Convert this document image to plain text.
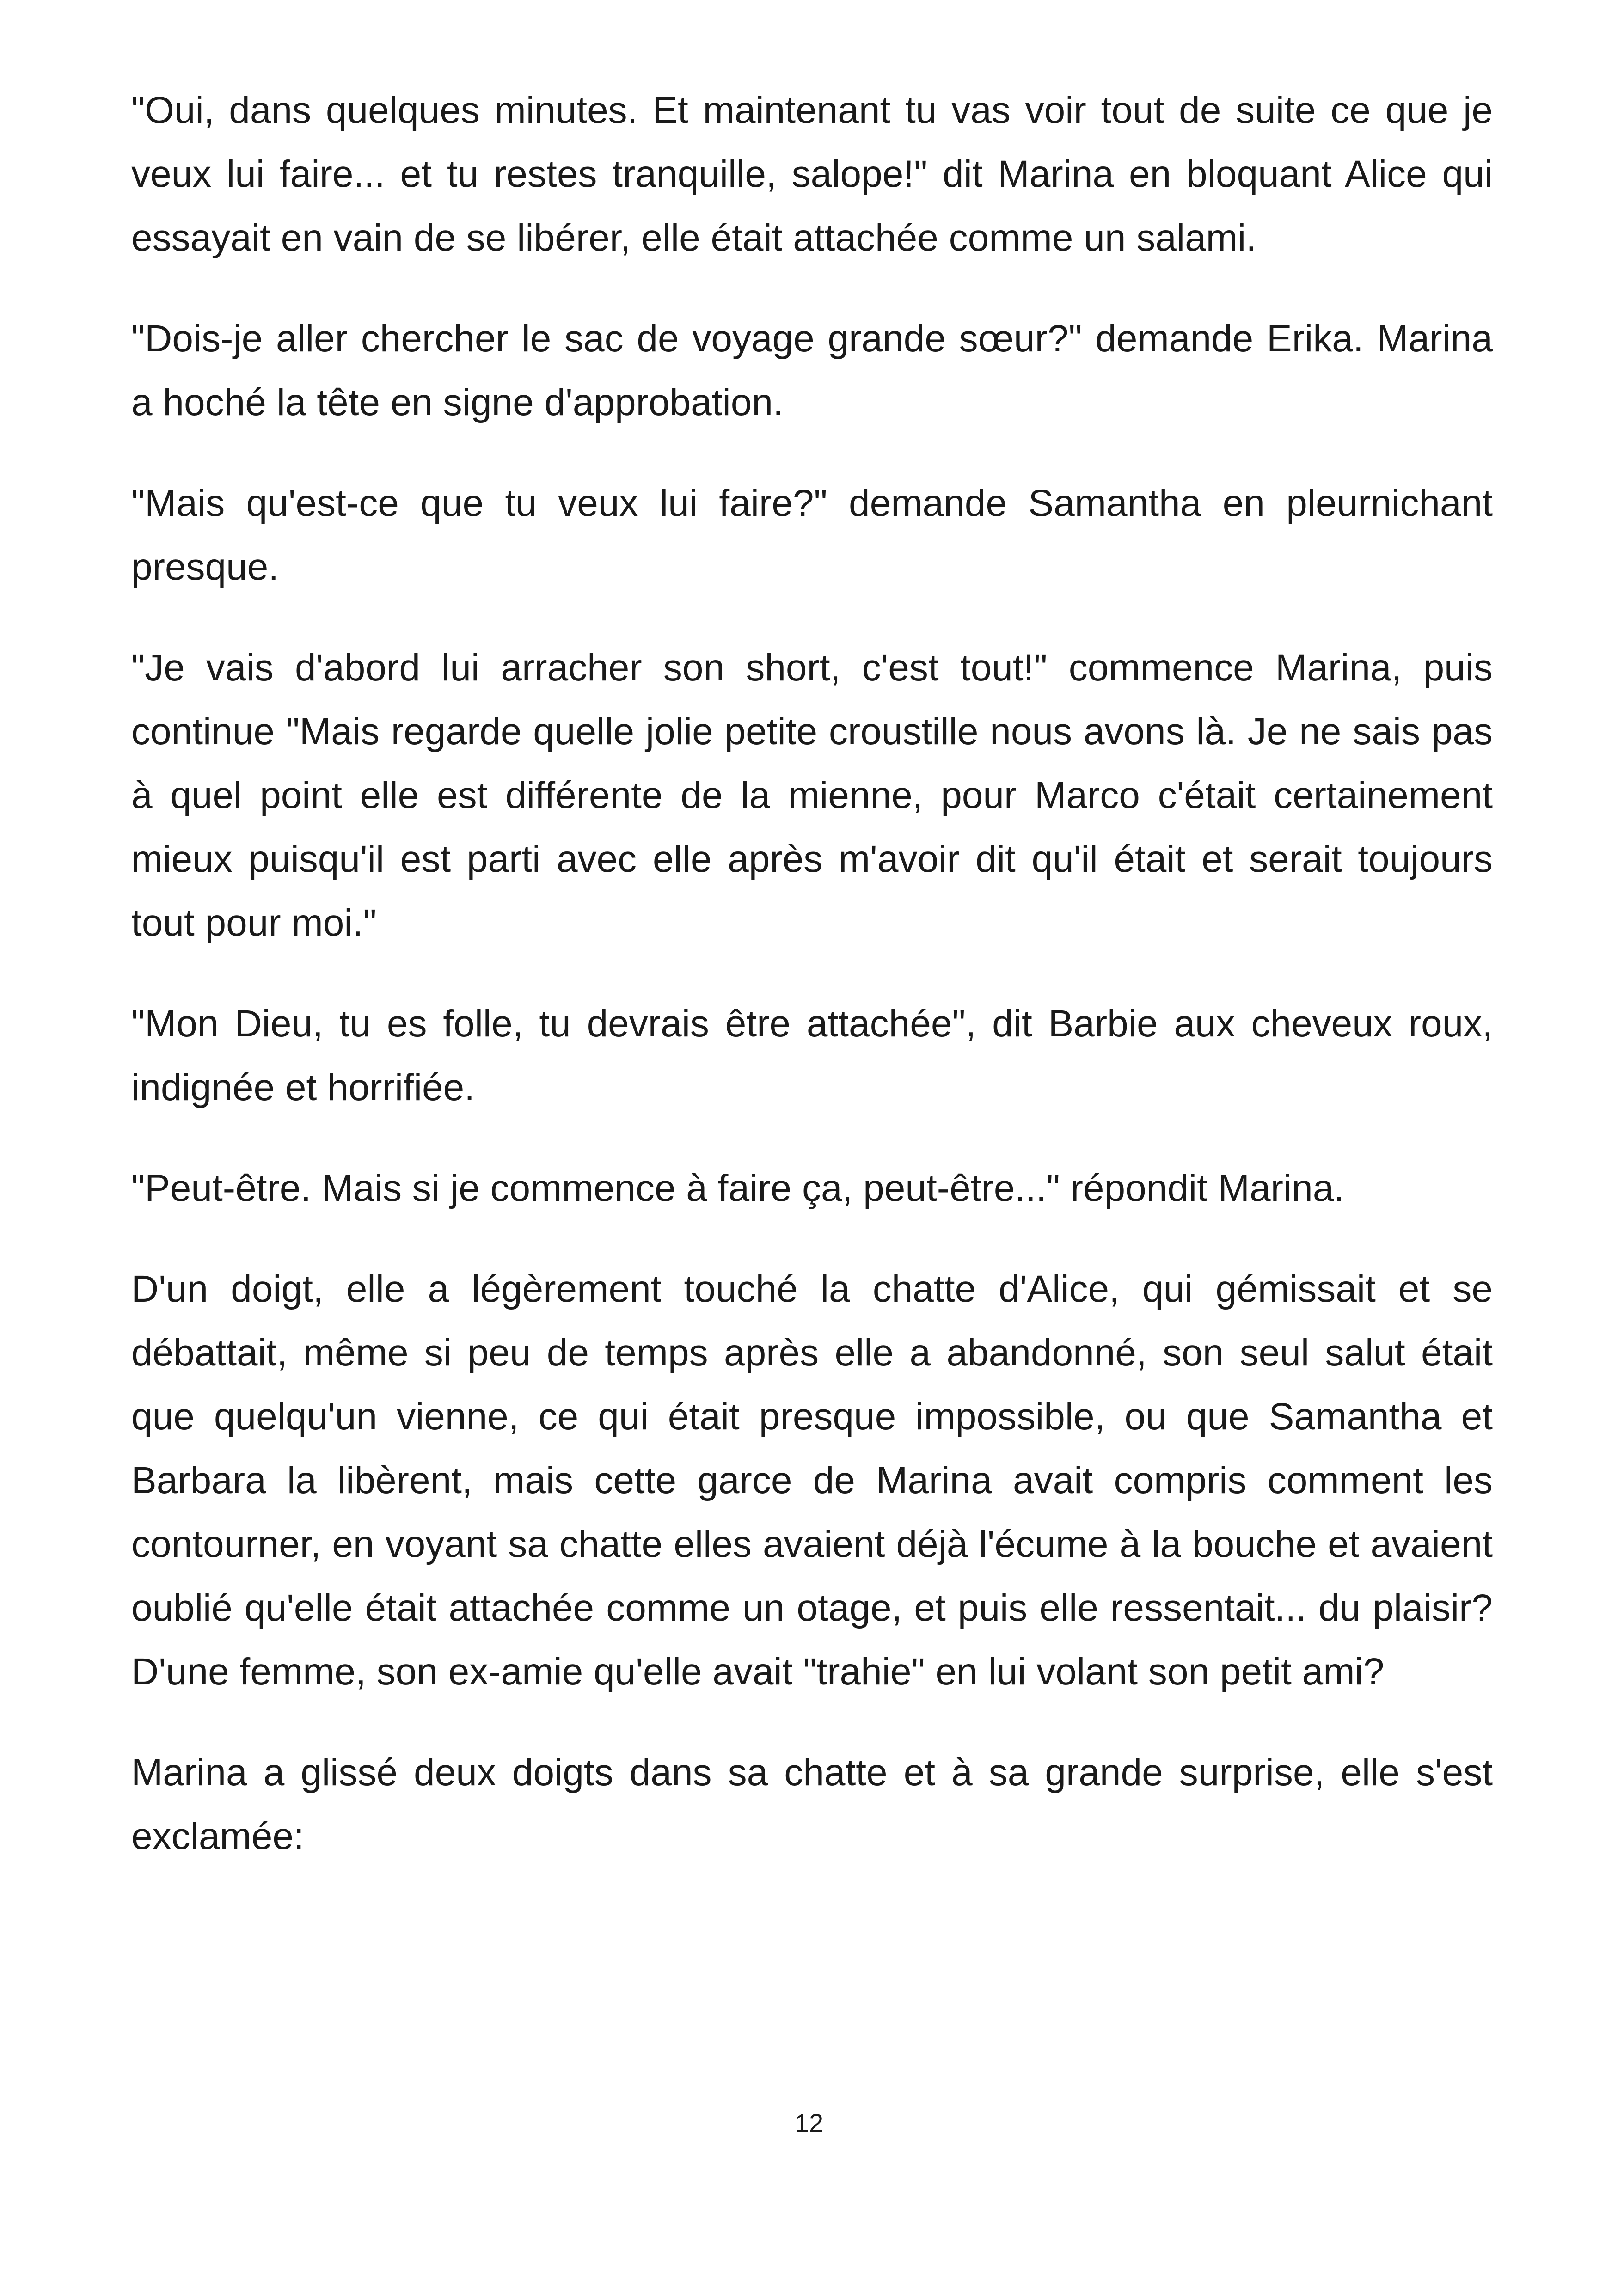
"Oui, dans quelques minutes. Et maintenant tu vas voir tout de suite ce que je veux lui faire... et tu restes tranquille, salope!" dit Marina en bloquant Alice qui essayait en vain de se libérer, elle était attachée comme un salami.

"Dois-je aller chercher le sac de voyage grande sœur?" demande Erika. Marina a hoché la tête en signe d'approbation.

"Mais qu'est-ce que tu veux lui faire?" demande Samantha en pleurnichant presque.

"Je vais d'abord lui arracher son short, c'est tout!" commence Marina, puis continue "Mais regarde quelle jolie petite croustille nous avons là. Je ne sais pas à quel point elle est différente de la mienne, pour Marco c'était certainement mieux puisqu'il est parti avec elle après m'avoir dit qu'il était et serait toujours tout pour moi."

"Mon Dieu, tu es folle, tu devrais être attachée", dit Barbie aux cheveux roux, indignée et horrifiée.

"Peut-être. Mais si je commence à faire ça, peut-être..." répondit Marina.

D'un doigt, elle a légèrement touché la chatte d'Alice, qui gémissait et se débattait, même si peu de temps après elle a abandonné, son seul salut était que quelqu'un vienne, ce qui était presque impossible, ou que Samantha et Barbara la libèrent, mais cette garce de Marina avait compris comment les contourner, en voyant sa chatte elles avaient déjà l'écume à la bouche et avaient oublié qu'elle était attachée comme un otage, et puis elle ressentait... du plaisir? D'une femme, son ex-amie qu'elle avait "trahie" en lui volant son petit ami?

Marina a glissé deux doigts dans sa chatte et à sa grande surprise, elle s'est exclamée:

12
